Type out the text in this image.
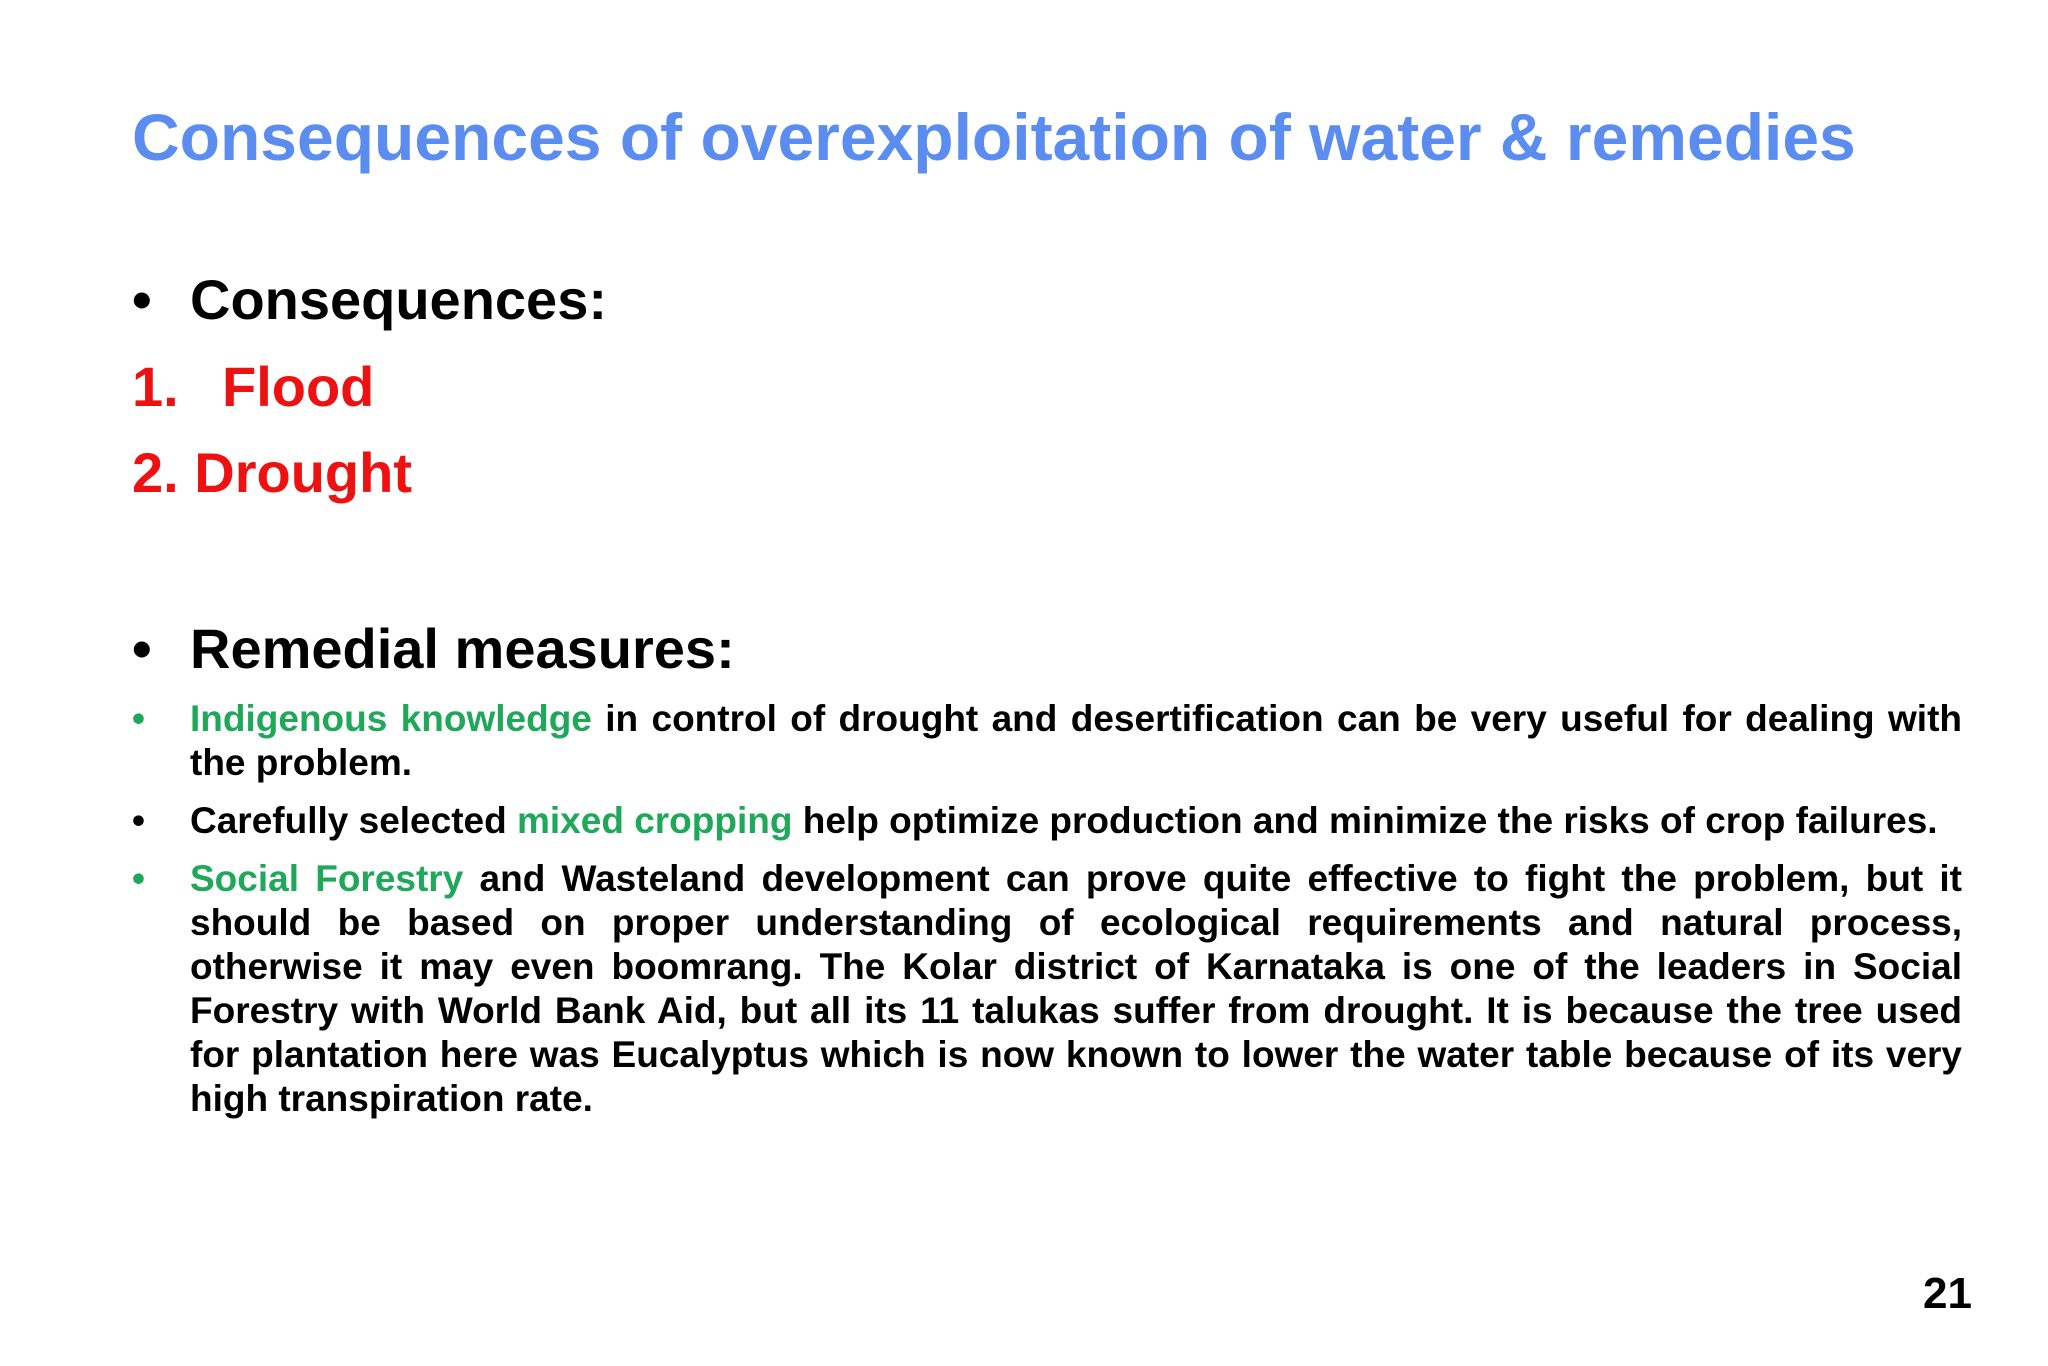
Consequences of overexploitation of water & remedies
• Consequences:
1. Flood
2. Drought
• Remedial measures:
•	Indigenous knowledge in control of drought and desertification can be very useful for dealing with the problem.
•	Carefully selected mixed cropping help optimize production and minimize the risks of crop failures.
•	Social Forestry and Wasteland development can prove quite effective to fight the problem, but it should be based on proper understanding of ecological requirements and natural process, otherwise it may even boomrang. The Kolar district of Karnataka is one of the leaders in Social Forestry with World Bank Aid, but all its 11 talukas suffer from drought. It is because the tree used for plantation here was Eucalyptus which is now known to lower the water table because of its very high transpiration rate.
21
